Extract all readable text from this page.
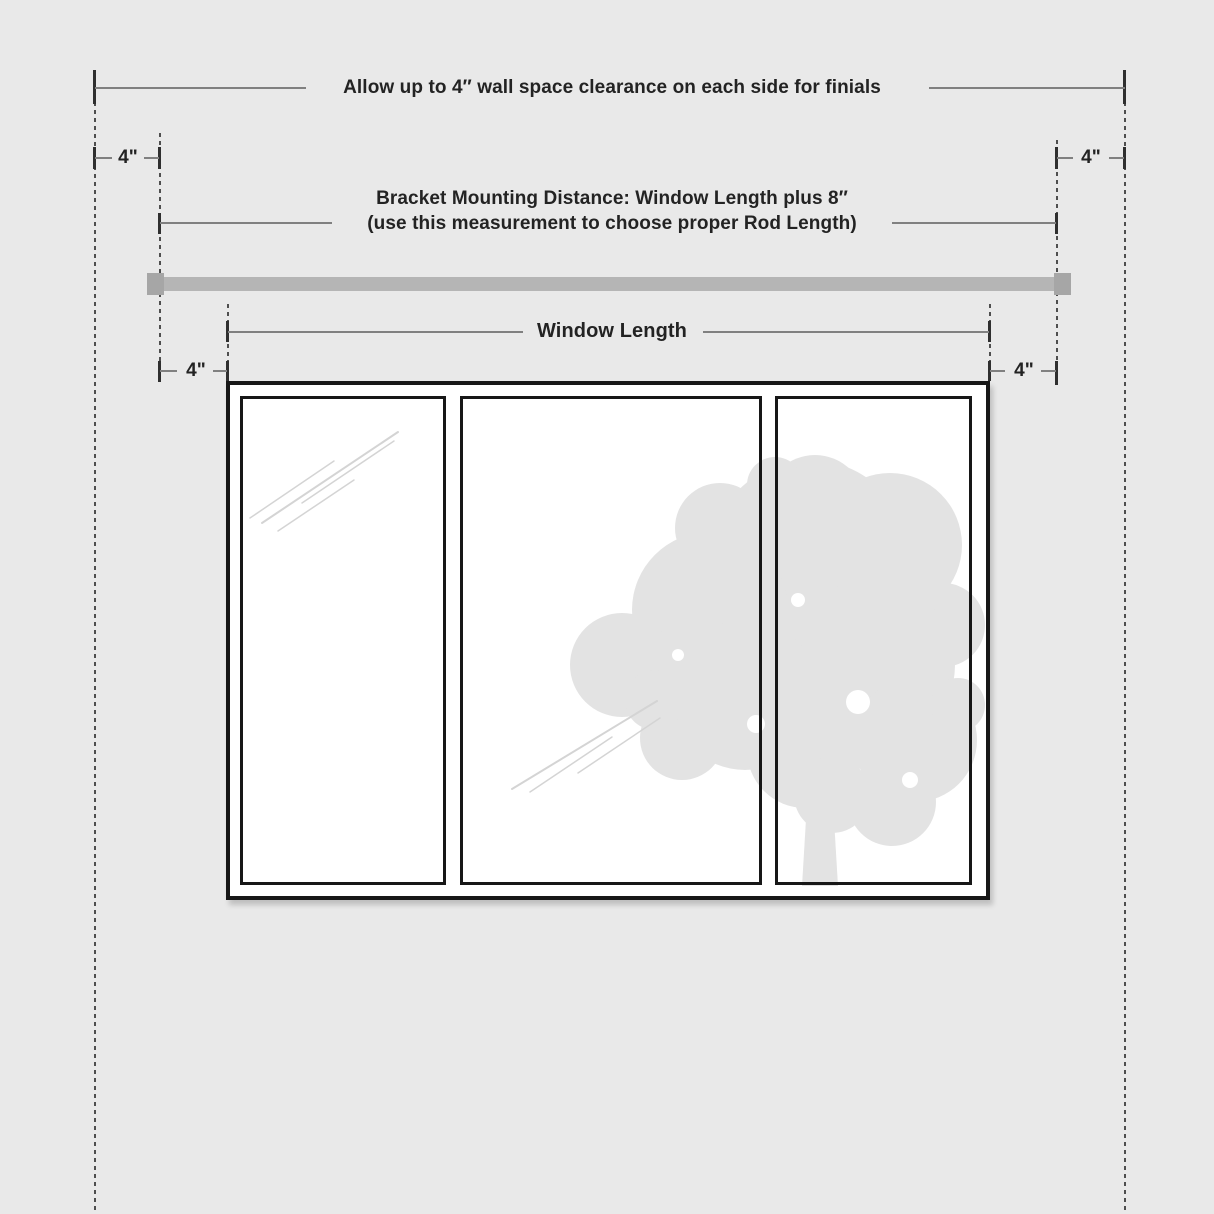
Allow up to 4″ wall space clearance on each side for finials
4"	4"
Bracket Mounting Distance: Window Length plus 8″
(use this measurement to choose proper Rod Length)
Window Length
4"	4"
